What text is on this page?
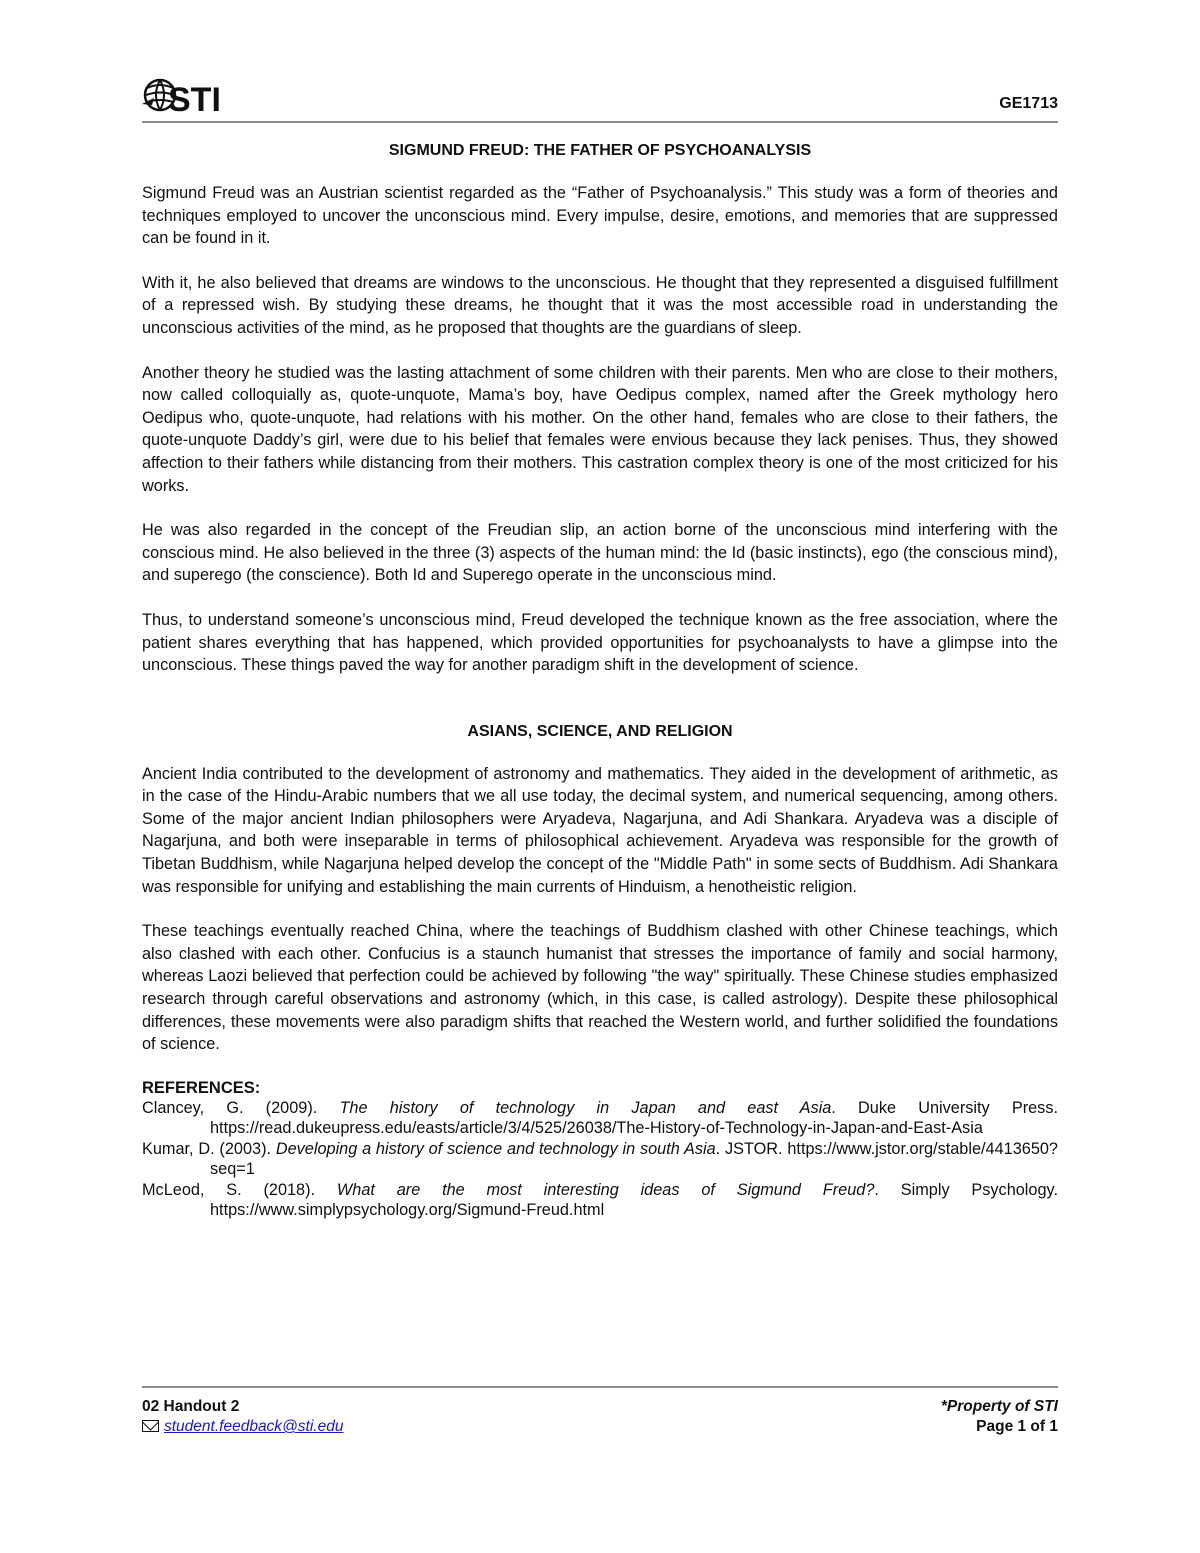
STI	GE1713
SIGMUND FREUD: THE FATHER OF PSYCHOANALYSIS

Sigmund Freud was an Austrian scientist regarded as the “Father of Psychoanalysis.” This study was a form of theories and techniques employed to uncover the unconscious mind. Every impulse, desire, emotions, and memories that are suppressed can be found in it.

With it, he also believed that dreams are windows to the unconscious. He thought that they represented a disguised fulfillment of a repressed wish. By studying these dreams, he thought that it was the most accessible road in understanding the unconscious activities of the mind, as he proposed that thoughts are the guardians of sleep.

Another theory he studied was the lasting attachment of some children with their parents. Men who are close to their mothers, now called colloquially as, quote-unquote, Mama’s boy, have Oedipus complex, named after the Greek mythology hero Oedipus who, quote-unquote, had relations with his mother. On the other hand, females who are close to their fathers, the quote-unquote Daddy’s girl, were due to his belief that females were envious because they lack penises. Thus, they showed affection to their fathers while distancing from their mothers. This castration complex theory is one of the most criticized for his works.

He was also regarded in the concept of the Freudian slip, an action borne of the unconscious mind interfering with the conscious mind. He also believed in the three (3) aspects of the human mind: the Id (basic instincts), ego (the conscious mind), and superego (the conscience). Both Id and Superego operate in the unconscious mind.

Thus, to understand someone’s unconscious mind, Freud developed the technique known as the free association, where the patient shares everything that has happened, which provided opportunities for psychoanalysts to have a glimpse into the unconscious. These things paved the way for another paradigm shift in the development of science.

ASIANS, SCIENCE, AND RELIGION

Ancient India contributed to the development of astronomy and mathematics. They aided in the development of arithmetic, as in the case of the Hindu-Arabic numbers that we all use today, the decimal system, and numerical sequencing, among others. Some of the major ancient Indian philosophers were Aryadeva, Nagarjuna, and Adi Shankara. Aryadeva was a disciple of Nagarjuna, and both were inseparable in terms of philosophical achievement. Aryadeva was responsible for the growth of Tibetan Buddhism, while Nagarjuna helped develop the concept of the "Middle Path" in some sects of Buddhism. Adi Shankara was responsible for unifying and establishing the main currents of Hinduism, a henotheistic religion.

These teachings eventually reached China, where the teachings of Buddhism clashed with other Chinese teachings, which also clashed with each other. Confucius is a staunch humanist that stresses the importance of family and social harmony, whereas Laozi believed that perfection could be achieved by following "the way" spiritually. These Chinese studies emphasized research through careful observations and astronomy (which, in this case, is called astrology). Despite these philosophical differences, these movements were also paradigm shifts that reached the Western world, and further solidified the foundations of science.

REFERENCES:
Clancey, G. (2009). The history of technology in Japan and east Asia. Duke University Press. https://read.dukeupress.edu/easts/article/3/4/525/26038/The-History-of-Technology-in-Japan-and-East-Asia
Kumar, D. (2003). Developing a history of science and technology in south Asia. JSTOR. https://www.jstor.org/stable/4413650?seq=1
McLeod, S. (2018). What are the most interesting ideas of Sigmund Freud?. Simply Psychology. https://www.simplypsychology.org/Sigmund-Freud.html
02 Handout 2
student.feedback@sti.edu
*Property of STI
Page 1 of 1
